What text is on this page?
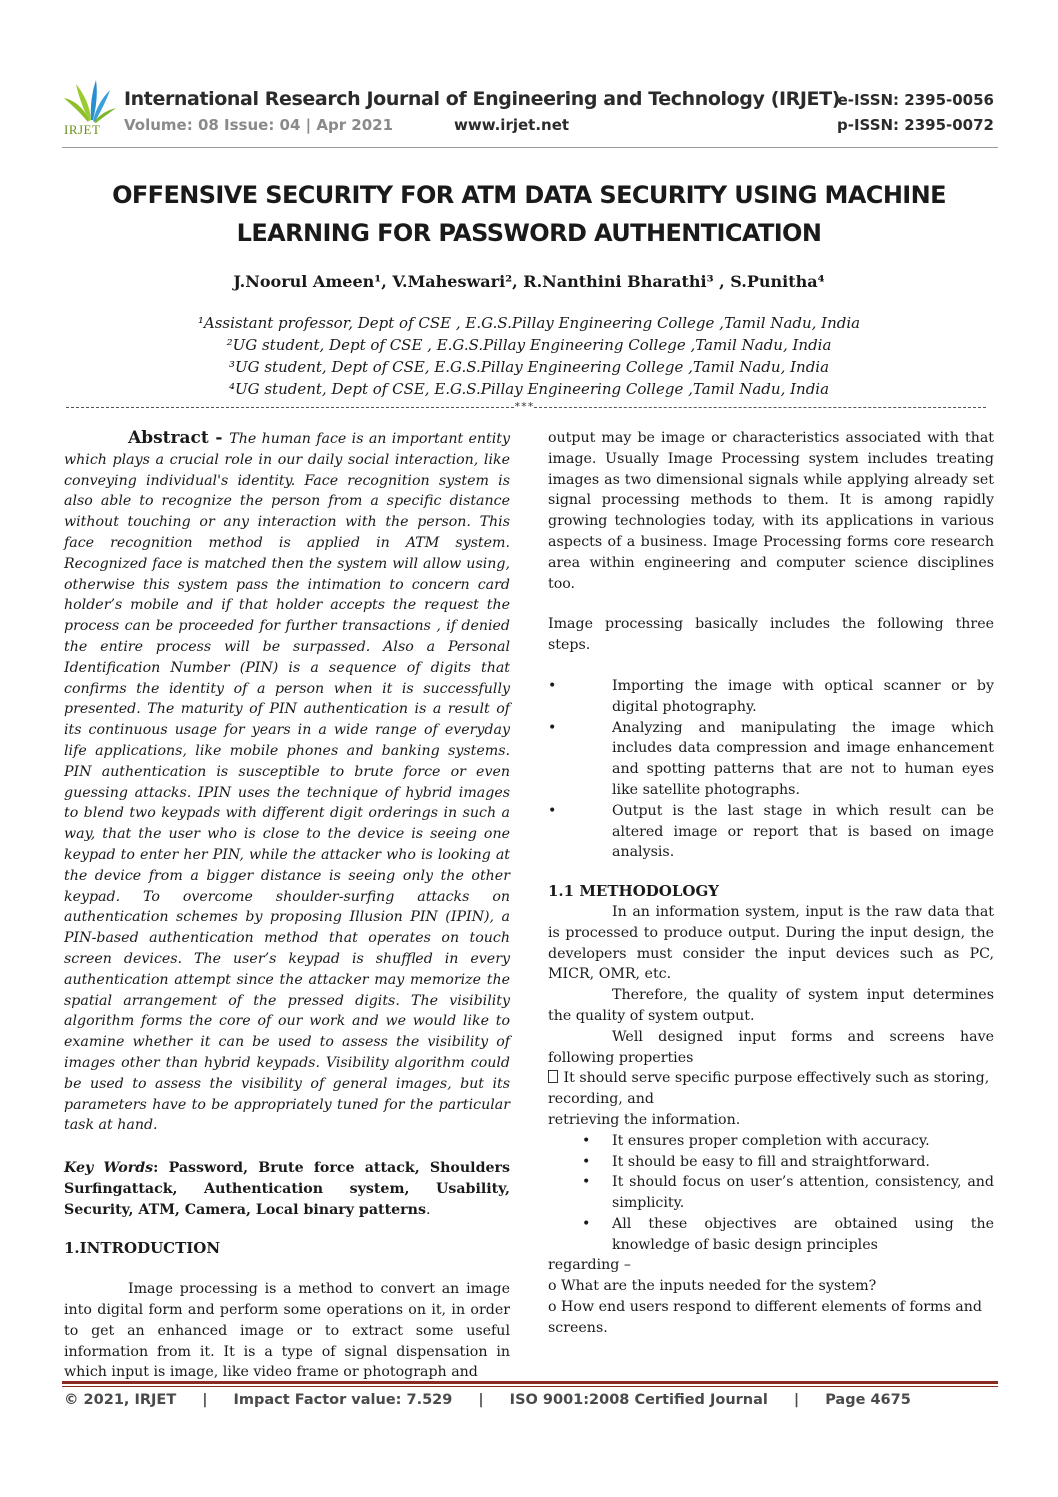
IRJET
International Research Journal of Engineering and Technology (IRJET)
Volume: 08 Issue: 04 | Apr 2021	www.irjet.net
e-ISSN: 2395-0056
p-ISSN: 2395-0072
OFFENSIVE SECURITY FOR ATM DATA SECURITY USING MACHINE
LEARNING FOR PASSWORD AUTHENTICATION
J.Noorul Ameen¹, V.Maheswari², R.Nanthini Bharathi³ , S.Punitha⁴
¹Assistant professor, Dept of CSE , E.G.S.Pillay Engineering College ,Tamil Nadu, India
²UG student, Dept of CSE , E.G.S.Pillay Engineering College ,Tamil Nadu, India
³UG student, Dept of CSE, E.G.S.Pillay Engineering College ,Tamil Nadu, India
⁴UG student, Dept of CSE, E.G.S.Pillay Engineering College ,Tamil Nadu, India
***
Abstract - The human face is an important entity which plays a crucial role in our daily social interaction, like conveying individual's identity. Face recognition system is also able to recognize the person from a specific distance without touching or any interaction with the person. This face recognition method is applied in ATM system. Recognized face is matched then the system will allow using, otherwise this system pass the intimation to concern card holder’s mobile and if that holder accepts the request the process can be proceeded for further transactions , if denied the entire process will be surpassed. Also a Personal Identification Number (PIN) is a sequence of digits that confirms the identity of a person when it is successfully presented. The maturity of PIN authentication is a result of its continuous usage for years in a wide range of everyday life applications, like mobile phones and banking systems. PIN authentication is susceptible to brute force or even guessing attacks. IPIN uses the technique of hybrid images to blend two keypads with different digit orderings in such a way, that the user who is close to the device is seeing one keypad to enter her PIN, while the attacker who is looking at the device from a bigger distance is seeing only the other keypad. To overcome shoulder-surfing attacks on authentication schemes by proposing Illusion PIN (IPIN), a PIN-based authentication method that operates on touch screen devices. The user’s keypad is shuffled in every authentication attempt since the attacker may memorize the spatial arrangement of the pressed digits. The visibility algorithm forms the core of our work and we would like to examine whether it can be used to assess the visibility of images other than hybrid keypads. Visibility algorithm could be used to assess the visibility of general images, but its parameters have to be appropriately tuned for the particular task at hand.
Key Words: Password, Brute force attack, Shoulders Surfingattack, Authentication system, Usability, Security, ATM, Camera, Local binary patterns.
1.INTRODUCTION

Image processing is a method to convert an image into digital form and perform some operations on it, in order to get an enhanced image or to extract some useful information from it. It is a type of signal dispensation in which input is image, like video frame or photograph and

output may be image or characteristics associated with that image. Usually Image Processing system includes treating images as two dimensional signals while applying already set signal processing methods to them. It is among rapidly growing technologies today, with its applications in various aspects of a business. Image Processing forms core research area within engineering and computer science disciplines too.

Image processing basically includes the following three steps.

•	Importing the image with optical scanner or by digital photography.
•	Analyzing and manipulating the image which includes data compression and image enhancement and spotting patterns that are not to human eyes like satellite photographs.
•	Output is the last stage in which result can be altered image or report that is based on image analysis.
1.1 METHODOLOGY

In an information system, input is the raw data that is processed to produce output. During the input design, the developers must consider the input devices such as PC, MICR, OMR, etc.

Therefore, the quality of system input determines the quality of system output.

Well designed input forms and screens have following properties

It should serve specific purpose effectively such as storing, recording, and

retrieving the information.

•	It ensures proper completion with accuracy.
•	It should be easy to fill and straightforward.
•	It should focus on user’s attention, consistency, and simplicity.
•	All these objectives are obtained using the knowledge of basic design principles

regarding –

o What are the inputs needed for the system?

o How end users respond to different elements of forms and screens.

© 2021, IRJET | Impact Factor value: 7.529 | ISO 9001:2008 Certified Journal | Page 4675
